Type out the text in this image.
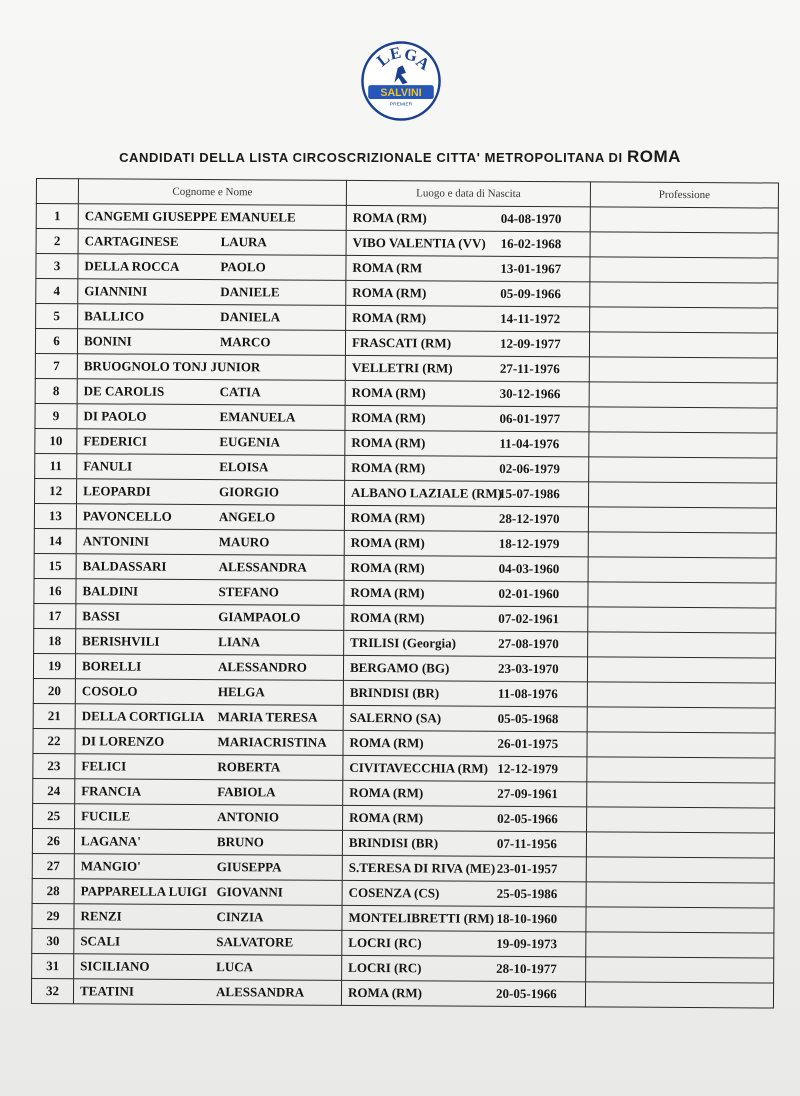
L
E G
A
SALVINI
PREMIER
CANDIDATI DELLA LISTA CIRCOSCRIZIONALE CITTA' METROPOLITANA DI ROMA
	Cognome e Nome	Luogo e data di Nascita	Professione
1	CANGEMI GIUSEPPE EMANUELE	ROMA (RM) 04-08-1970	
2	CARTAGINESE LAURA	VIBO VALENTIA (VV) 16-02-1968	
3	DELLA ROCCA PAOLO	ROMA (RM 13-01-1967	
4	GIANNINI DANIELE	ROMA (RM) 05-09-1966	
5	BALLICO DANIELA	ROMA (RM) 14-11-1972	
6	BONINI MARCO	FRASCATI (RM) 12-09-1977	
7	BRUOGNOLO TONJ JUNIOR	VELLETRI (RM) 27-11-1976	
8	DE CAROLIS CATIA	ROMA (RM) 30-12-1966	
9	DI PAOLO EMANUELA	ROMA (RM) 06-01-1977	
10	FEDERICI EUGENIA	ROMA (RM) 11-04-1976	
11	FANULI ELOISA	ROMA (RM) 02-06-1979	
12	LEOPARDI GIORGIO	ALBANO LAZIALE (RM)15-07-1986	
13	PAVONCELLO ANGELO	ROMA (RM) 28-12-1970	
14	ANTONINI MAURO	ROMA (RM) 18-12-1979	
15	BALDASSARI ALESSANDRA	ROMA (RM) 04-03-1960	
16	BALDINI STEFANO	ROMA (RM) 02-01-1960	
17	BASSI GIAMPAOLO	ROMA (RM) 07-02-1961	
18	BERISHVILI LIANA	TRILISI (Georgia) 27-08-1970	
19	BORELLI ALESSANDRO	BERGAMO (BG) 23-03-1970	
20	COSOLO HELGA	BRINDISI (BR) 11-08-1976	
21	DELLA CORTIGLIA MARIA TERESA	SALERNO (SA) 05-05-1968	
22	DI LORENZO MARIACRISTINA	ROMA (RM) 26-01-1975	
23	FELICI ROBERTA	CIVITAVECCHIA (RM) 12-12-1979	
24	FRANCIA FABIOLA	ROMA (RM) 27-09-1961	
25	FUCILE ANTONIO	ROMA (RM) 02-05-1966	
26	LAGANA' BRUNO	BRINDISI (BR) 07-11-1956	
27	MANGIO' GIUSEPPA	S.TERESA DI RIVA (ME)23-01-1957	
28	PAPPARELLA LUIGI GIOVANNI	COSENZA (CS) 25-05-1986	
29	RENZI CINZIA	MONTELIBRETTI (RM) 18-10-1960	
30	SCALI SALVATORE	LOCRI (RC) 19-09-1973	
31	SICILIANO LUCA	LOCRI (RC) 28-10-1977	
32	TEATINI ALESSANDRA	ROMA (RM) 20-05-1966	
